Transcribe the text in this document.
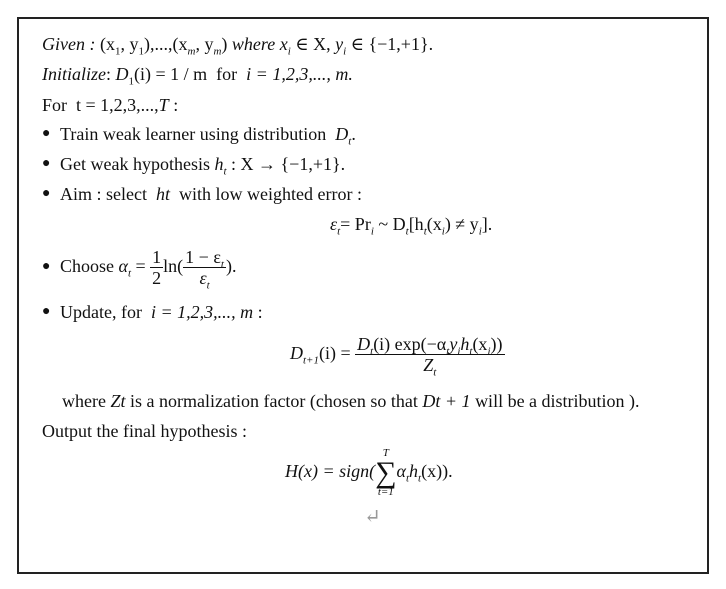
Given : ($x_1$, $y_1),...,(x_m$, $y_m$) where $x_i$ ∈ X, $y_i$ ∈ {−1,+1}.
Initialize: $D_1(i) = 1 / m$ for i = 1,2,3,..., m.
For t = 1,2,3,...,T :
● Train weak learner using distribution $D_t$.
● Get weak hypothesis $h_t$ : X → {−1,+1}.
● Aim : select ht with low weighted error :
$\varepsilon_t= Pr_i$ ~ $D_t[h_t(x_i) \ne y_i]$.
● Choose $\alpha_t = \frac{1}{2} \ln( \frac{1 - \varepsilon_t}{\varepsilon_t}$ ).
● Update, for i = 1,2,3,..., m :
$D_{t+1}(i) = \frac{D_t(i) \exp(-\alpha_ty_ih_t(x_i))}{Z_t}$
where Zt is a normalization factor (chosen so that Dt + 1 will be a distribution ).
Output the final hypothesis :
H(x) = sign(
T
∑
t=1
$\alpha_th_t(x)$).
↵
